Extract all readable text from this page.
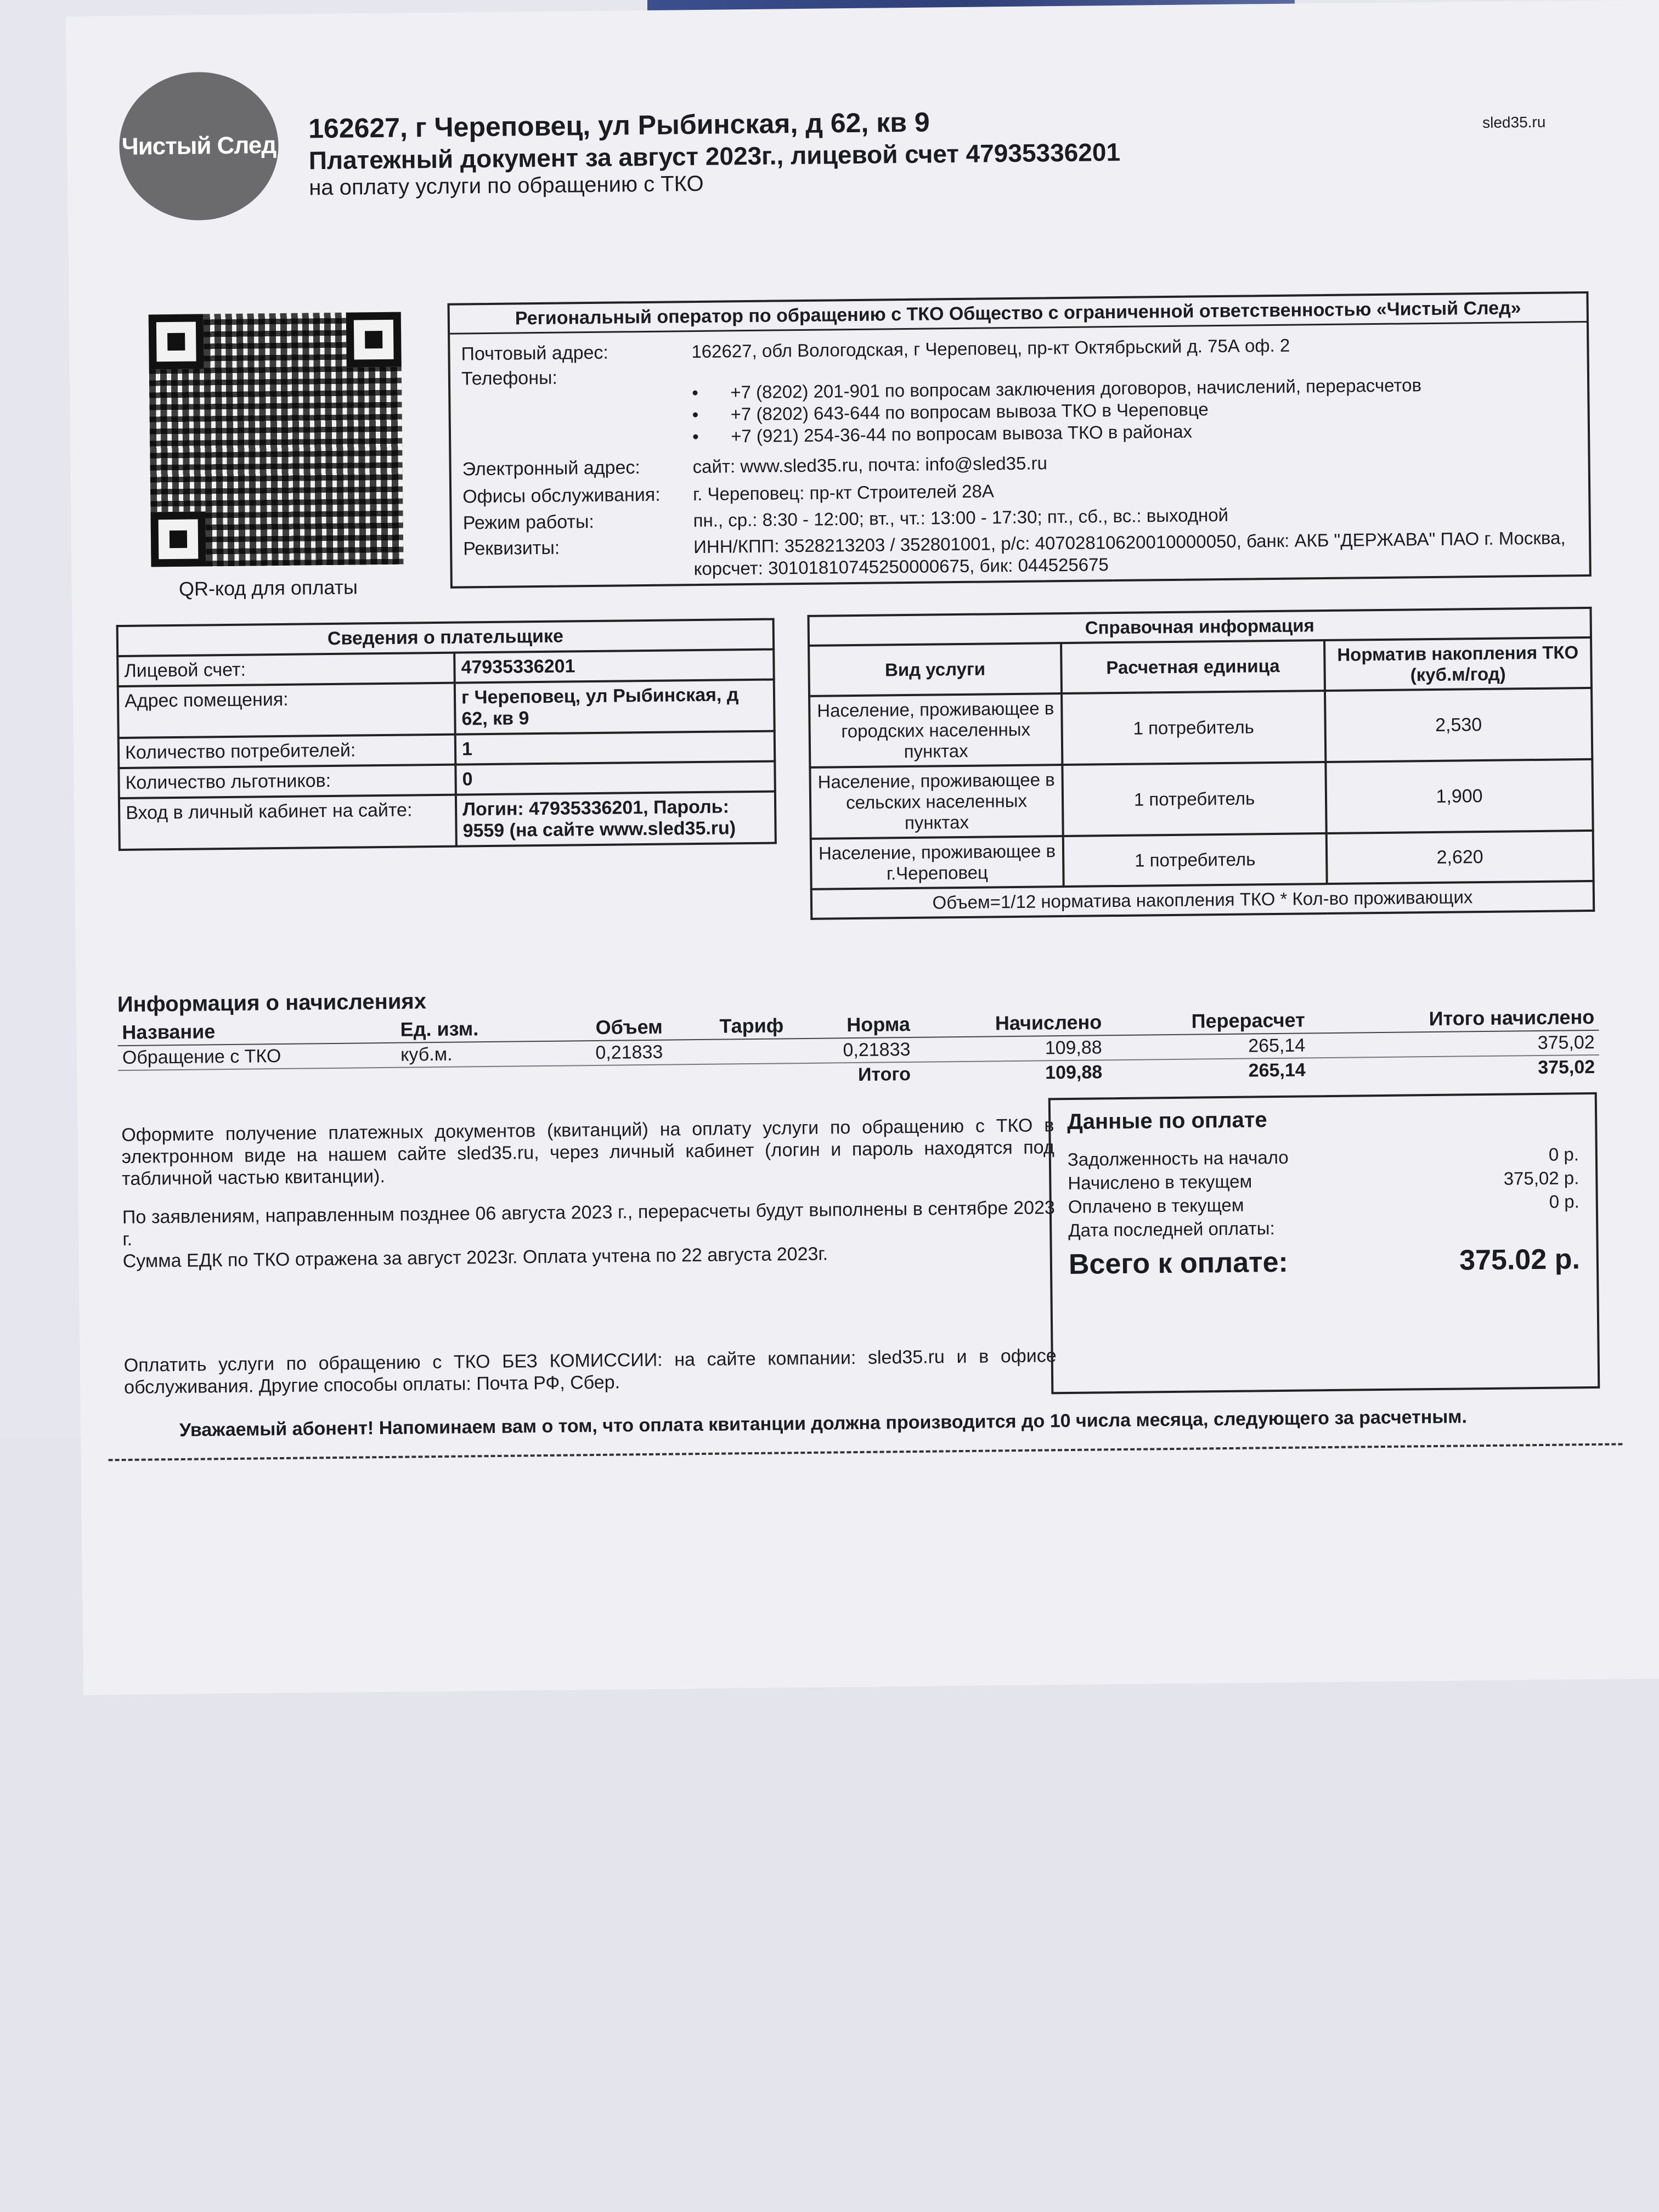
Чистый След
162627, г Череповец, ул Рыбинская, д 62, кв 9
Платежный документ за август 2023г., лицевой счет 47935336201
на оплату услуги по обращению с ТКО
sled35.ru
QR-код для оплаты
Региональный оператор по обращению с ТКО Общество с ограниченной ответственностью «Чистый След»
Почтовый адрес:	162627, обл Вологодская, г Череповец, пр-кт Октябрьский д. 75А оф. 2
Телефоны:	• +7 (8202) 201-901 по вопросам заключения договоров, начислений, перерасчетов
• +7 (8202) 643-644 по вопросам вывоза ТКО в Череповце
• +7 (921) 254-36-44 по вопросам вывоза ТКО в районах
Электронный адрес:	сайт: www.sled35.ru, почта: info@sled35.ru
Офисы обслуживания: г. Череповец: пр-кт Строителей 28А
Режим работы:	пн., ср.: 8:30 - 12:00; вт., чт.: 13:00 - 17:30; пт., сб., вс.: выходной
Реквизиты:	ИНН/КПП: 3528213203 / 352801001, р/с: 40702810620010000050, банк: АКБ "ДЕРЖАВА" ПАО г. Москва, корсчет: 30101810745250000675, бик: 044525675
Сведения о плательщике	
Лицевой счет:	47935336201
Адрес помещения:	г Череповец, ул Рыбинская, д 62, кв 9
Количество потребителей:	1
Количество льготников:	0
Вход в личный кабинет на сайте:	Логин: 47935336201, Пароль: 9559 (на сайте www.sled35.ru)
Справочная информация		
Вид услуги	Расчетная единица	Норматив накопления ТКО (куб.м/год)
Население, проживающее в городских населенных пунктах	1 потребитель	2,530
Население, проживающее в сельских населенных пунктах	1 потребитель	1,900
Население, проживающее в г.Череповец	1 потребитель	2,620
Объем=1/12 норматива накопления ТКО * Кол-во проживающих		
Информация о начислениях
Название	Ед. изм.	Объем	Тариф	Норма	Начислено	Перерасчет	Итого начислено
Обращение с ТКО	куб.м.	0,21833		0,21833	109,88	265,14	375,02
				Итого	109,88	265,14	375,02
Оформите получение платежных документов (квитанций) на оплату услуги по обращению с ТКО в электронном виде на нашем сайте sled35.ru, через личный кабинет (логин и пароль находятся под табличной частью квитанции).
По заявлениям, направленным позднее 06 августа 2023 г., перерасчеты будут выполнены в сентябре 2023 г.
Сумма ЕДК по ТКО отражена за август 2023г. Оплата учтена по 22 августа 2023г.
Оплатить услуги по обращению с ТКО БЕЗ КОМИССИИ: на сайте компании: sled35.ru и в офисе обслуживания. Другие способы оплаты: Почта РФ, Сбер.
Данные по оплате
Задолженность на начало	0 р.
Начислено в текущем	375,02 р.
Оплачено в текущем	0 р.
Дата последней оплаты:
Всего к оплате:	375.02 р.
Уважаемый абонент! Напоминаем вам о том, что оплата квитанции должна производится до 10 числа месяца, следующего за расчетным.
